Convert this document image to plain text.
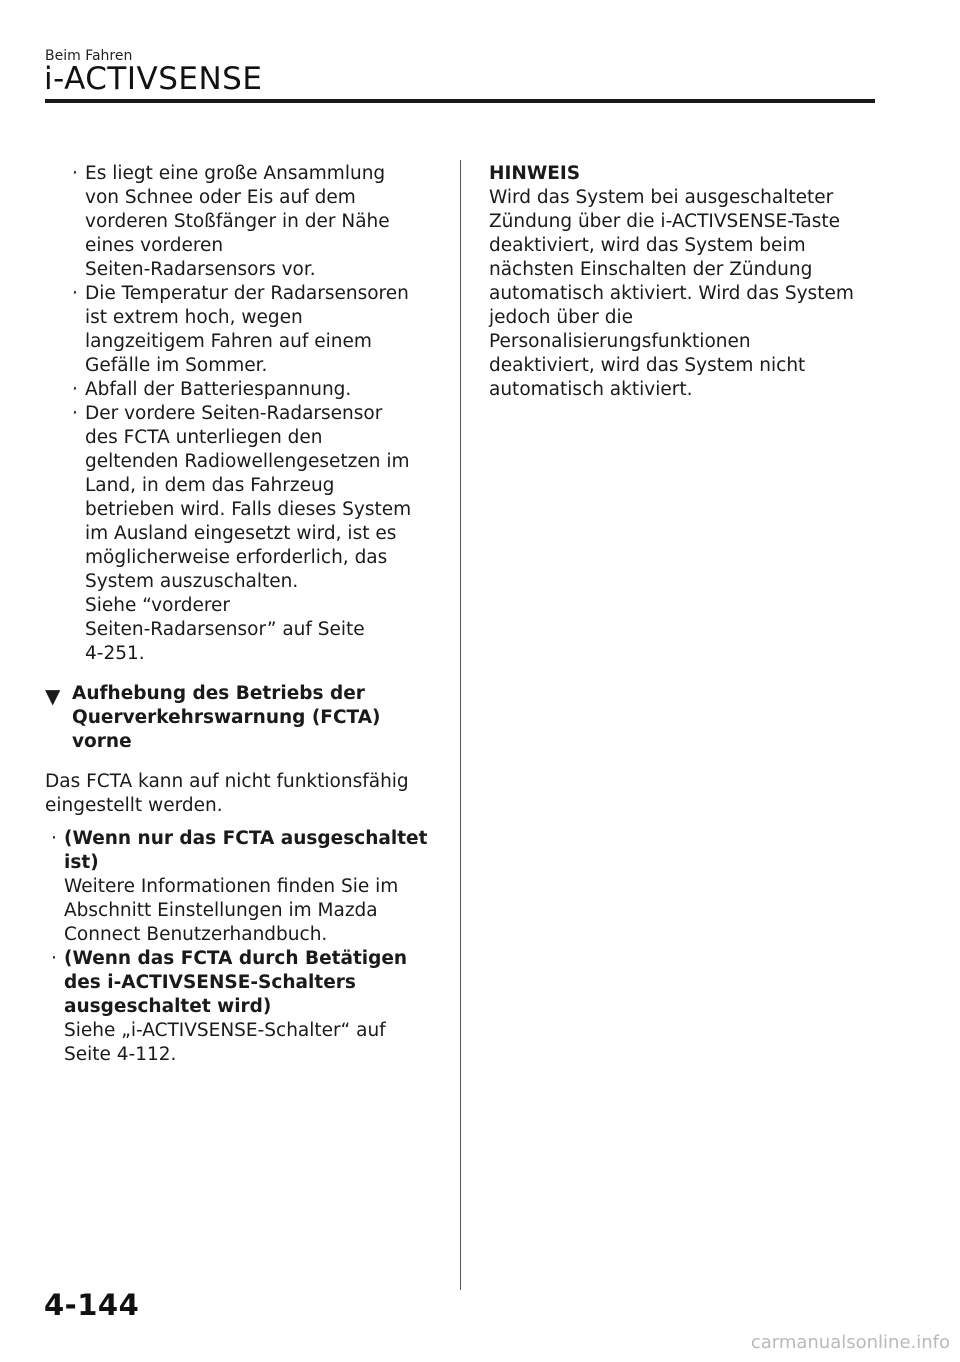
Beim Fahren
i-ACTIVSENSE
· Es liegt eine große Ansammlung
von Schnee oder Eis auf dem
vorderen Stoßfänger in der Nähe
eines vorderen
Seiten-Radarsensors vor.
· Die Temperatur der Radarsensoren
ist extrem hoch, wegen
langzeitigem Fahren auf einem
Gefälle im Sommer.
· Abfall der Batteriespannung.
· Der vordere Seiten-Radarsensor
des FCTA unterliegen den
geltenden Radiowellengesetzen im
Land, in dem das Fahrzeug
betrieben wird. Falls dieses System
im Ausland eingesetzt wird, ist es
möglicherweise erforderlich, das
System auszuschalten.
Siehe “vorderer
Seiten-Radarsensor” auf Seite
4-251.
▼ Aufhebung des Betriebs der
Querverkehrswarnung (FCTA)
vorne
Das FCTA kann auf nicht funktionsfähig
eingestellt werden.
· (Wenn nur das FCTA ausgeschaltet
ist)
Weitere Informationen finden Sie im
Abschnitt Einstellungen im Mazda
Connect Benutzerhandbuch.
· (Wenn das FCTA durch Betätigen
des i-ACTIVSENSE-Schalters
ausgeschaltet wird)
Siehe „i-ACTIVSENSE-Schalter“ auf
Seite 4-112.
HINWEIS
Wird das System bei ausgeschalteter
Zündung über die i-ACTIVSENSE-Taste
deaktiviert, wird das System beim
nächsten Einschalten der Zündung
automatisch aktiviert. Wird das System
jedoch über die
Personalisierungsfunktionen
deaktiviert, wird das System nicht
automatisch aktiviert.
4-144
carmanualsonline.info
